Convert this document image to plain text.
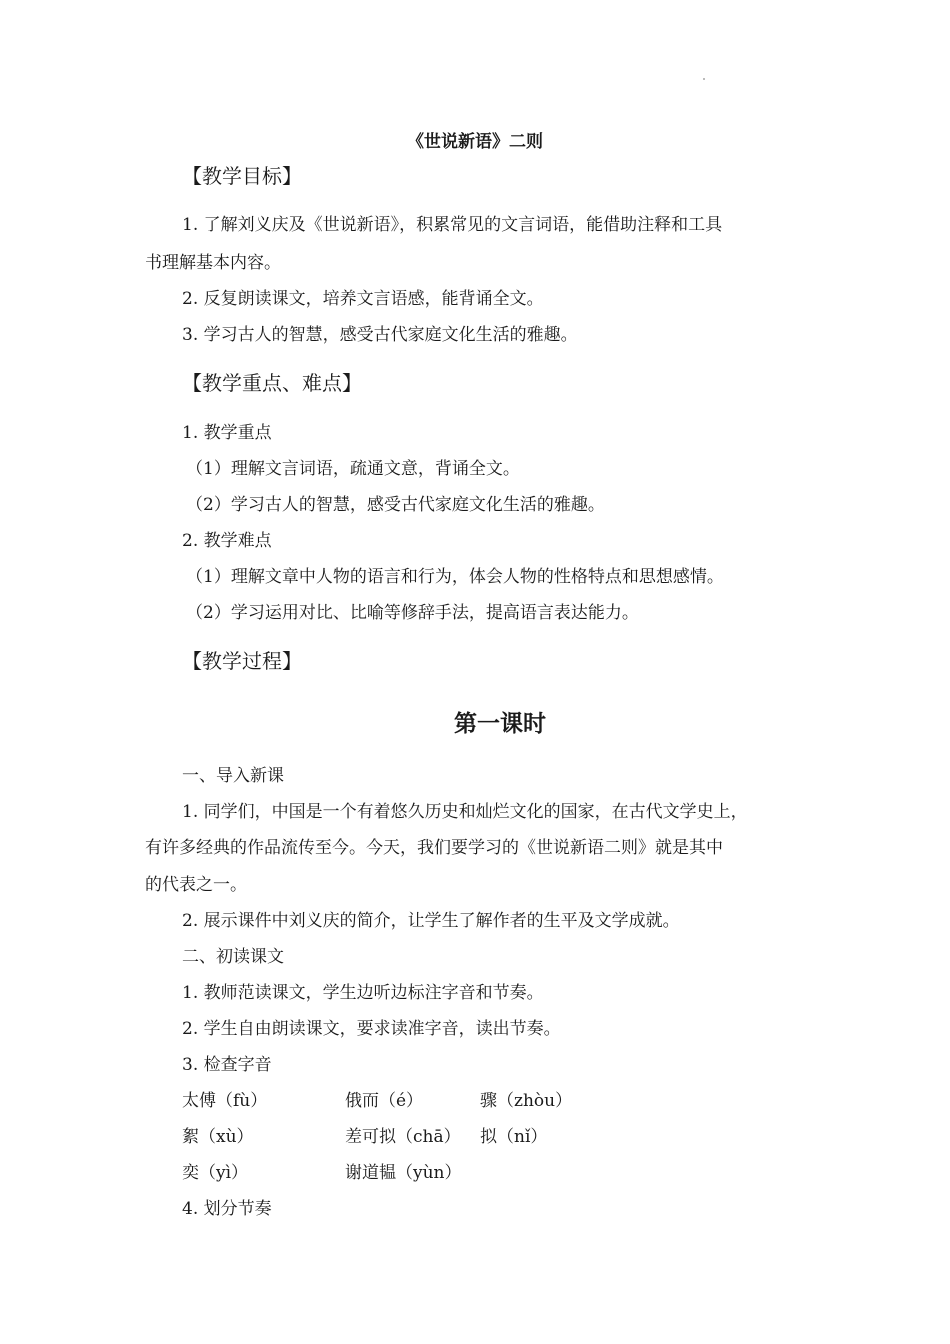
《世说新语》二则
【教学目标】
1. 了解刘义庆及《世说新语》，积累常见的文言词语，能借助注释和工具
书理解基本内容。
2. 反复朗读课文，培养文言语感，能背诵全文。
3. 学习古人的智慧，感受古代家庭文化生活的雅趣。
【教学重点、难点】
1. 教学重点
（1）理解文言词语，疏通文意，背诵全文。
（2）学习古人的智慧，感受古代家庭文化生活的雅趣。
2. 教学难点
（1）理解文章中人物的语言和行为，体会人物的性格特点和思想感情。
（2）学习运用对比、比喻等修辞手法，提高语言表达能力。
【教学过程】
第一课时
一、导入新课
1. 同学们，中国是一个有着悠久历史和灿烂文化的国家，在古代文学史上，
有许多经典的作品流传至今。今天，我们要学习的《世说新语二则》就是其中
的代表之一。
2. 展示课件中刘义庆的简介，让学生了解作者的生平及文学成就。
二、初读课文
1. 教师范读课文，学生边听边标注字音和节奏。
2. 学生自由朗读课文，要求读准字音，读出节奏。
3. 检查字音
太傅（fù）	俄而（é）	骤（zhòu）
絮（xù）	差可拟（chā） 拟（nǐ）
奕（yì）	谢道韫（yùn）
4. 划分节奏
